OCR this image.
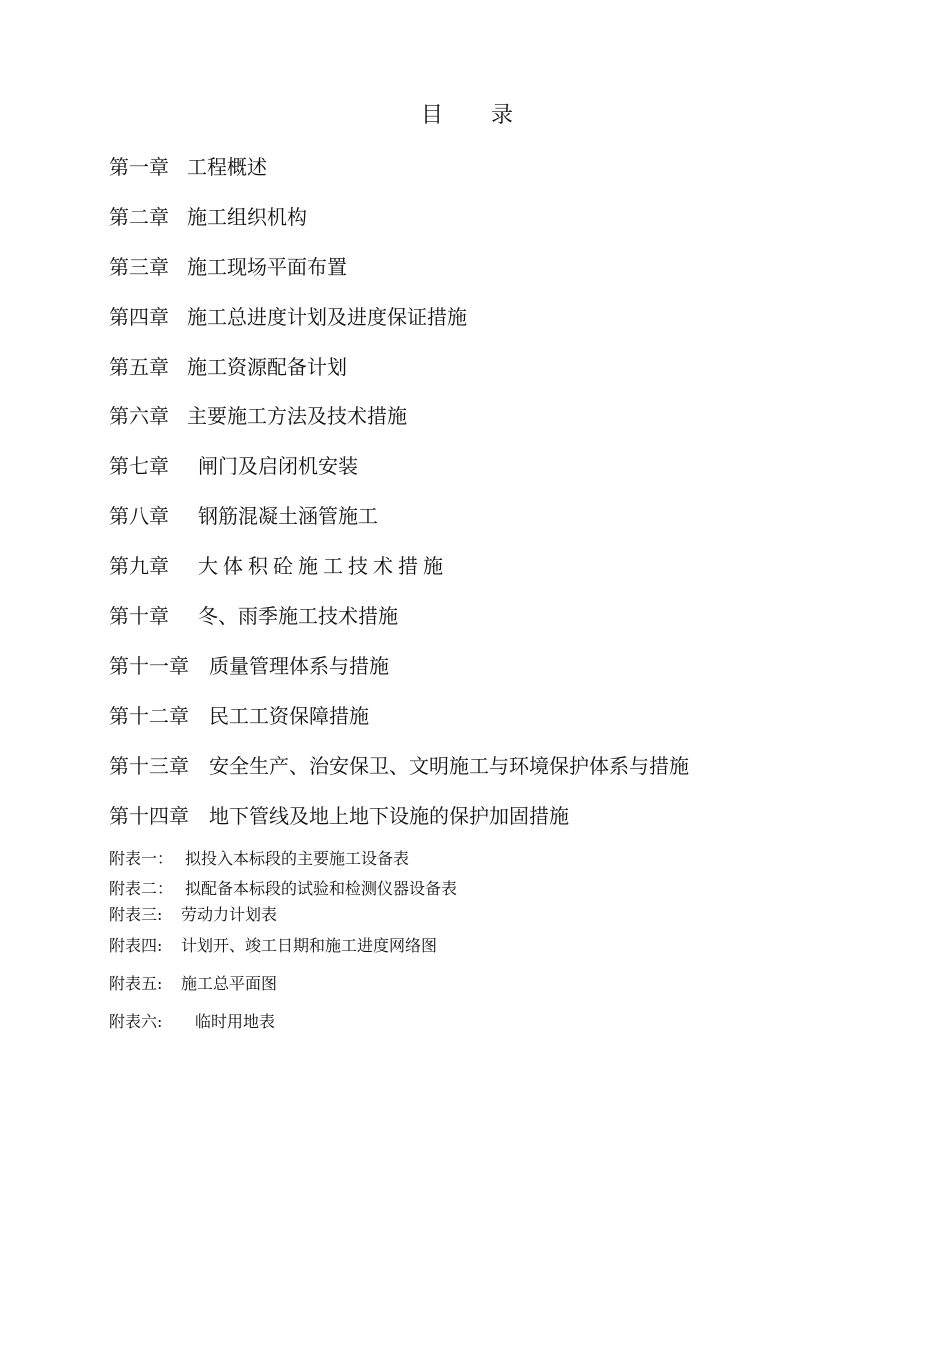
目录
第一章 工程概述
第二章 施工组织机构
第三章 施工现场平面布置
第四章 施工总进度计划及进度保证措施
第五章 施工资源配备计划
第六章 主要施工方法及技术措施
第七章 闸门及启闭机安装
第八章 钢筋混凝土涵管施工
第九章 大体积砼施工技术措施
第十章 冬、雨季施工技术措施
第十一章 质量管理体系与措施
第十二章 民工工资保障措施
第十三章 安全生产、治安保卫、文明施工与环境保护体系与措施
第十四章 地下管线及地上地下设施的保护加固措施
附表一： 拟投入本标段的主要施工设备表
附表二： 拟配备本标段的试验和检测仪器设备表
附表三: 劳动力计划表
附表四: 计划开、竣工日期和施工进度网络图
附表五: 施工总平面图
附表六: 临时用地表
